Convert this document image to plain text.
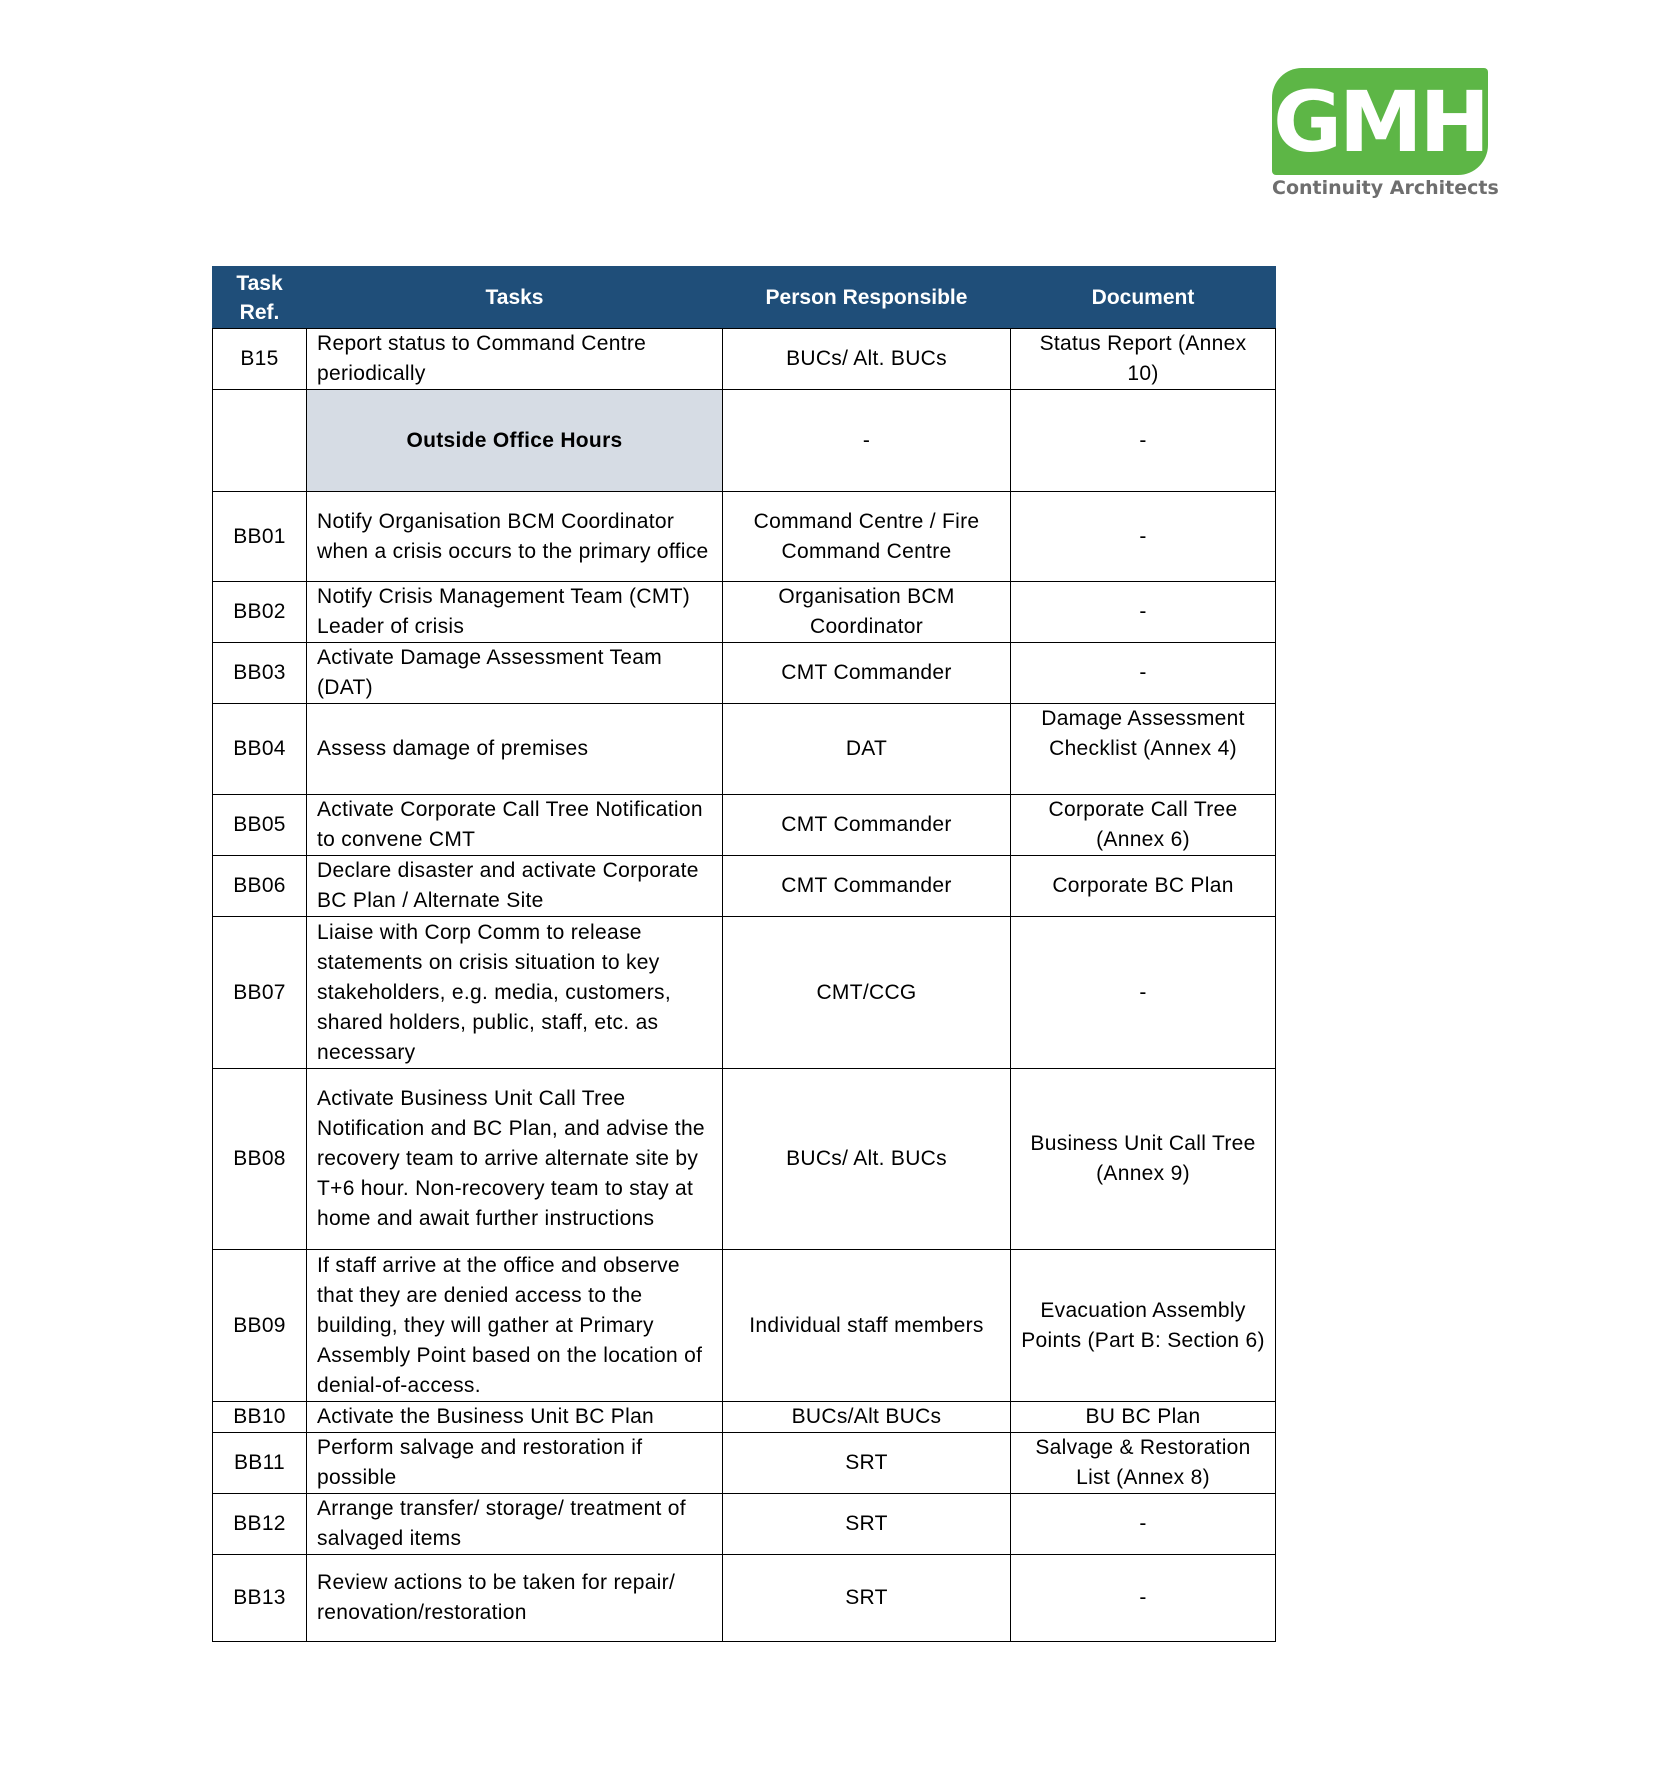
GMH
Continuity Architects
Task Ref.	Tasks	Person Responsible	Document
B15	Report status to Command Centre periodically	BUCs/ Alt. BUCs	Status Report (Annex 10)
	Outside Office Hours	-	-
BB01	Notify Organisation BCM Coordinator when a crisis occurs to the primary office	Command Centre / Fire Command Centre	-
BB02	Notify Crisis Management Team (CMT) Leader of crisis	Organisation BCM Coordinator	-
BB03	Activate Damage Assessment Team (DAT)	CMT Commander	-
BB04	Assess damage of premises	DAT	Damage Assessment Checklist (Annex 4)

BB05	Activate Corporate Call Tree Notification to convene CMT	CMT Commander	Corporate Call Tree (Annex 6)
BB06	Declare disaster and activate Corporate BC Plan / Alternate Site	CMT Commander	Corporate BC Plan
BB07	Liaise with Corp Comm to release statements on crisis situation to key stakeholders, e.g. media, customers, shared holders, public, staff, etc. as necessary	CMT/CCG	-
BB08	Activate Business Unit Call Tree Notification and BC Plan, and advise the recovery team to arrive alternate site by T+6 hour. Non-recovery team to stay at home and await further instructions	BUCs/ Alt. BUCs	Business Unit Call Tree (Annex 9)
BB09	If staff arrive at the office and observe that they are denied access to the building, they will gather at Primary Assembly Point based on the location of denial-of-access.	Individual staff members	Evacuation Assembly Points (Part B: Section 6)
BB10	Activate the Business Unit BC Plan	BUCs/Alt BUCs	BU BC Plan
BB11	Perform salvage and restoration if possible	SRT	Salvage & Restoration List (Annex 8)
BB12	Arrange transfer/ storage/ treatment of salvaged items	SRT	-
BB13	Review actions to be taken for repair/ renovation/restoration	SRT	-
